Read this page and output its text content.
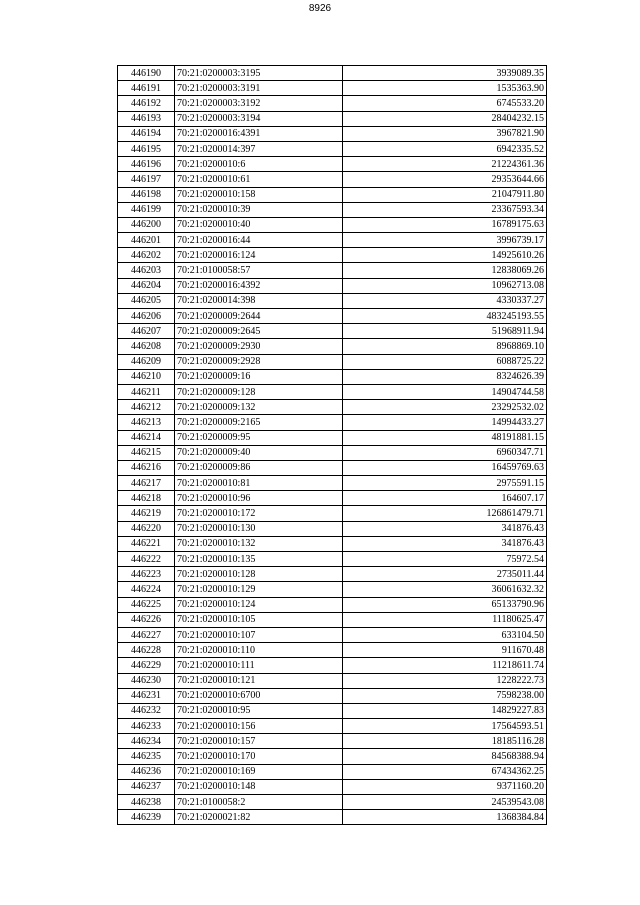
8926
446190	70:21:0200003:3195	3939089.35
446191	70:21:0200003:3191	1535363.90
446192	70:21:0200003:3192	6745533.20
446193	70:21:0200003:3194	28404232.15
446194	70:21:0200016:4391	3967821.90
446195	70:21:0200014:397	6942335.52
446196	70:21:0200010:6	21224361.36
446197	70:21:0200010:61	29353644.66
446198	70:21:0200010:158	21047911.80
446199	70:21:0200010:39	23367593.34
446200	70:21:0200010:40	16789175.63
446201	70:21:0200016:44	3996739.17
446202	70:21:0200016:124	14925610.26
446203	70:21:0100058:57	12838069.26
446204	70:21:0200016:4392	10962713.08
446205	70:21:0200014:398	4330337.27
446206	70:21:0200009:2644	483245193.55
446207	70:21:0200009:2645	51968911.94
446208	70:21:0200009:2930	8968869.10
446209	70:21:0200009:2928	6088725.22
446210	70:21:0200009:16	8324626.39
446211	70:21:0200009:128	14904744.58
446212	70:21:0200009:132	23292532.02
446213	70:21:0200009:2165	14994433.27
446214	70:21:0200009:95	48191881.15
446215	70:21:0200009:40	6960347.71
446216	70:21:0200009:86	16459769.63
446217	70:21:0200010:81	2975591.15
446218	70:21:0200010:96	164607.17
446219	70:21:0200010:172	126861479.71
446220	70:21:0200010:130	341876.43
446221	70:21:0200010:132	341876.43
446222	70:21:0200010:135	75972.54
446223	70:21:0200010:128	2735011.44
446224	70:21:0200010:129	36061632.32
446225	70:21:0200010:124	65133790.96
446226	70:21:0200010:105	11180625.47
446227	70:21:0200010:107	633104.50
446228	70:21:0200010:110	911670.48
446229	70:21:0200010:111	11218611.74
446230	70:21:0200010:121	1228222.73
446231	70:21:0200010:6700	7598238.00
446232	70:21:0200010:95	14829227.83
446233	70:21:0200010:156	17564593.51
446234	70:21:0200010:157	18185116.28
446235	70:21:0200010:170	84568388.94
446236	70:21:0200010:169	67434362.25
446237	70:21:0200010:148	9371160.20
446238	70:21:0100058:2	24539543.08
446239	70:21:0200021:82	1368384.84
